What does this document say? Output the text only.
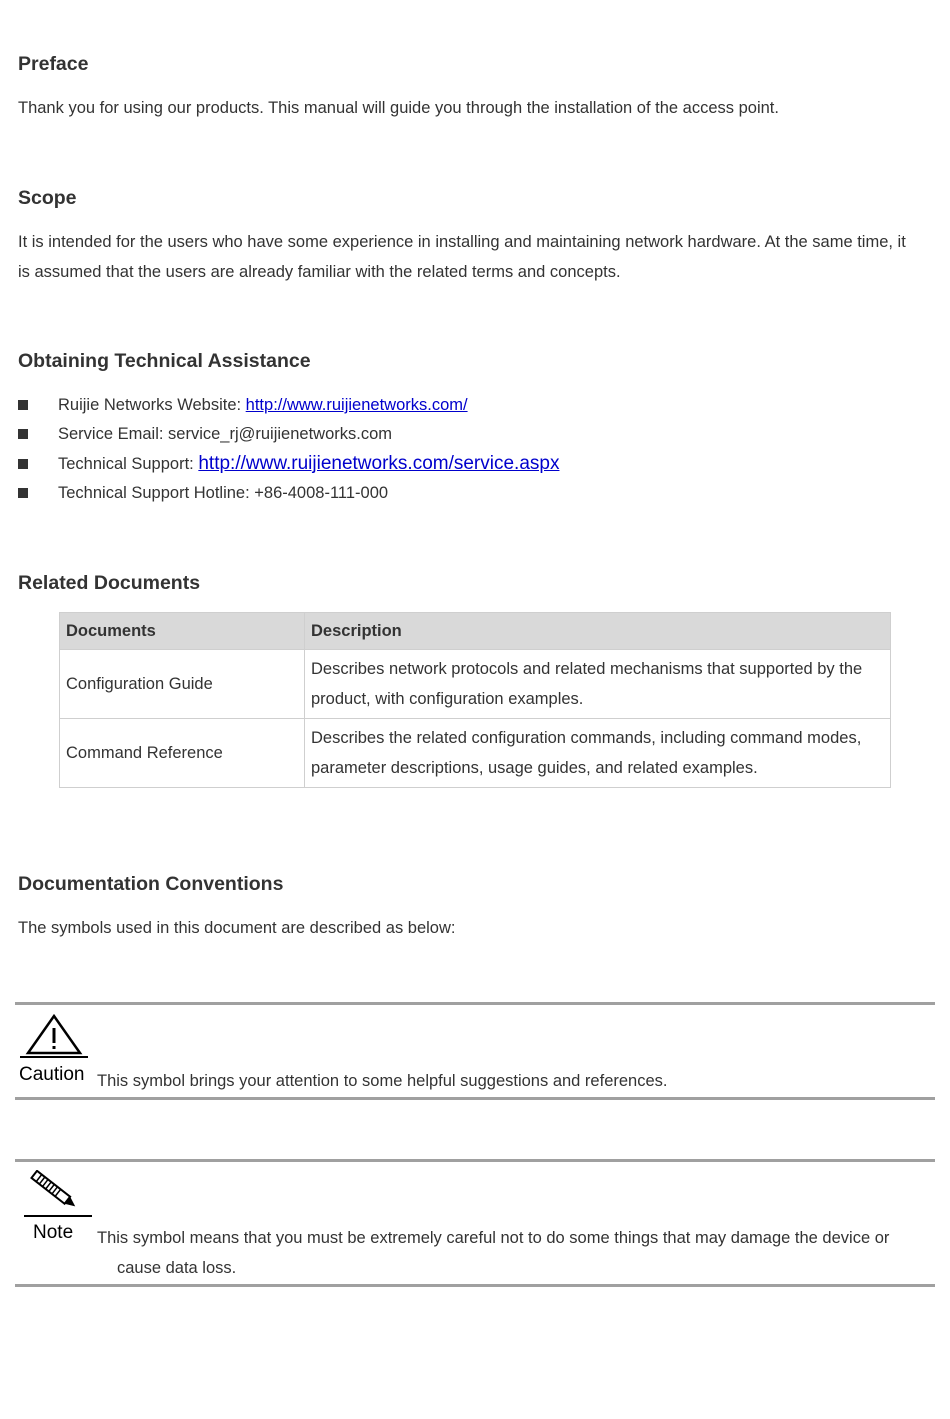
Preface

Thank you for using our products. This manual will guide you through the installation of the access point.

Scope

It is intended for the users who have some experience in installing and maintaining network hardware. At the same time, it

is assumed that the users are already familiar with the related terms and concepts.

Obtaining Technical Assistance
Ruijie Networks Website: http://www.ruijienetworks.com/
Service Email: service_rj@ruijienetworks.com
Technical Support: http://www.ruijienetworks.com/service.aspx
Technical Support Hotline: +86-4008-111-000
Related Documents
Documents	Description
Configuration Guide	Describes network protocols and related mechanisms that supported by the
product, with configuration examples.
Command Reference	Describes the related configuration commands, including command modes,
parameter descriptions, usage guides, and related examples.
Documentation Conventions

The symbols used in this document are described as below:

Caution This symbol brings your attention to some helpful suggestions and references.

Note This symbol means that you must be extremely careful not to do some things that may damage the device or

cause data loss.
